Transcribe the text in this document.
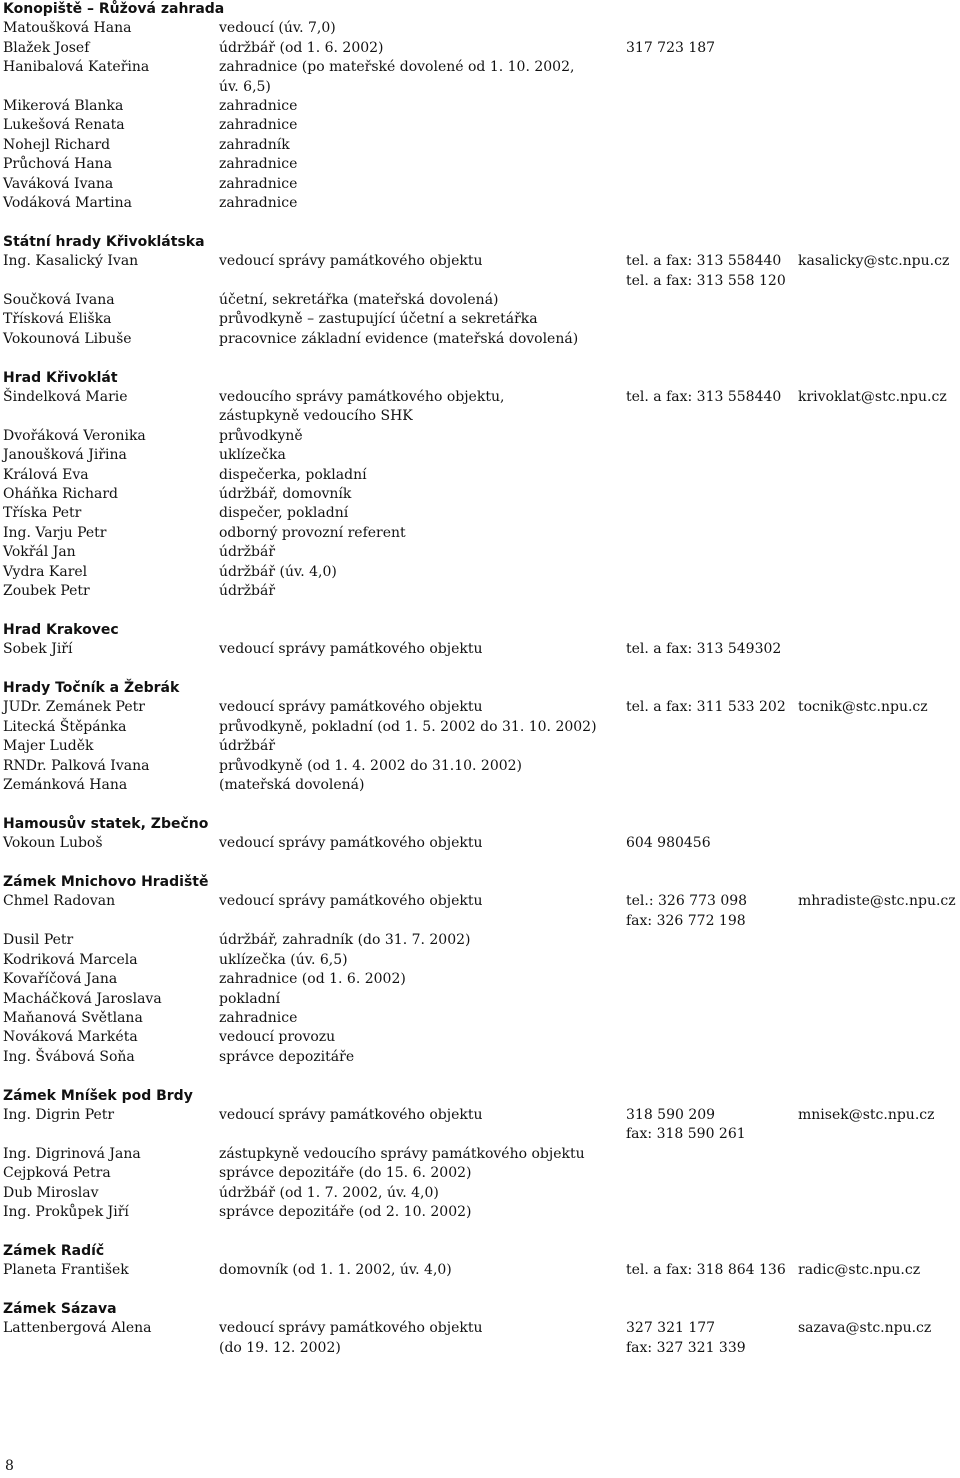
Konopiště – Růžová zahrada
Matoušková Hana	vedoucí (úv. 7,0)
Blažek Josef	údržbář (od 1. 6. 2002)	317 723 187
Hanibalová Kateřina	zahradnice (po mateřské dovolené od 1. 10. 2002,
úv. 6,5)
Mikerová Blanka	zahradnice
Lukešová Renata	zahradnice
Nohejl Richard	zahradník
Průchová Hana	zahradnice
Vaváková Ivana	zahradnice
Vodáková Martina	zahradnice
Státní hrady Křivoklátska
Ing. Kasalický Ivan	vedoucí správy památkového objektu	tel. a fax: 313 558440	kasalicky@stc.npu.cz
tel. a fax: 313 558 120
Součková Ivana	účetní, sekretářka (mateřská dovolená)
Třísková Eliška	průvodkyně – zastupující účetní a sekretářka
Vokounová Libuše	pracovnice základní evidence (mateřská dovolená)
Hrad Křivoklát
Šindelková Marie	vedoucího správy památkového objektu,	tel. a fax: 313 558440	krivoklat@stc.npu.cz
zástupkyně vedoucího SHK
Dvořáková Veronika	průvodkyně
Janoušková Jiřina	uklízečka
Králová Eva	dispečerka, pokladní
Oháňka Richard	údržbář, domovník
Tříska Petr	dispečer, pokladní
Ing. Varju Petr	odborný provozní referent
Vokřál Jan	údržbář
Vydra Karel	údržbář (úv. 4,0)
Zoubek Petr	údržbář
Hrad Krakovec
Sobek Jiří	vedoucí správy památkového objektu	tel. a fax: 313 549302
Hrady Točník a Žebrák
JUDr. Zemánek Petr	vedoucí správy památkového objektu	tel. a fax: 311 533 202 tocnik@stc.npu.cz
Litecká Štěpánka	průvodkyně, pokladní (od 1. 5. 2002 do 31. 10. 2002)
Majer Luděk	údržbář
RNDr. Palková Ivana	průvodkyně (od 1. 4. 2002 do 31.10. 2002)
Zemánková Hana	(mateřská dovolená)
Hamousův statek, Zbečno
Vokoun Luboš	vedoucí správy památkového objektu	604 980456
Zámek Mnichovo Hradiště
Chmel Radovan	vedoucí správy památkového objektu	tel.: 326 773 098	mhradiste@stc.npu.cz
fax: 326 772 198
Dusil Petr	údržbář, zahradník (do 31. 7. 2002)
Kodriková Marcela	uklízečka (úv. 6,5)
Kovaříčová Jana	zahradnice (od 1. 6. 2002)
Macháčková Jaroslava	pokladní
Maňanová Světlana	zahradnice
Nováková Markéta	vedoucí provozu
Ing. Švábová Soňa	správce depozitáře
Zámek Mníšek pod Brdy
Ing. Digrin Petr	vedoucí správy památkového objektu	318 590 209	mnisek@stc.npu.cz
fax: 318 590 261
Ing. Digrinová Jana	zástupkyně vedoucího správy památkového objektu
Cejpková Petra	správce depozitáře (do 15. 6. 2002)
Dub Miroslav	údržbář (od 1. 7. 2002, úv. 4,0)
Ing. Prokůpek Jiří	správce depozitáře (od 2. 10. 2002)
Zámek Radíč
Planeta František	domovník (od 1. 1. 2002, úv. 4,0)	tel. a fax: 318 864 136 radic@stc.npu.cz
Zámek Sázava
Lattenbergová Alena	vedoucí správy památkového objektu	327 321 177	sazava@stc.npu.cz
(do 19. 12. 2002)	fax: 327 321 339
8
